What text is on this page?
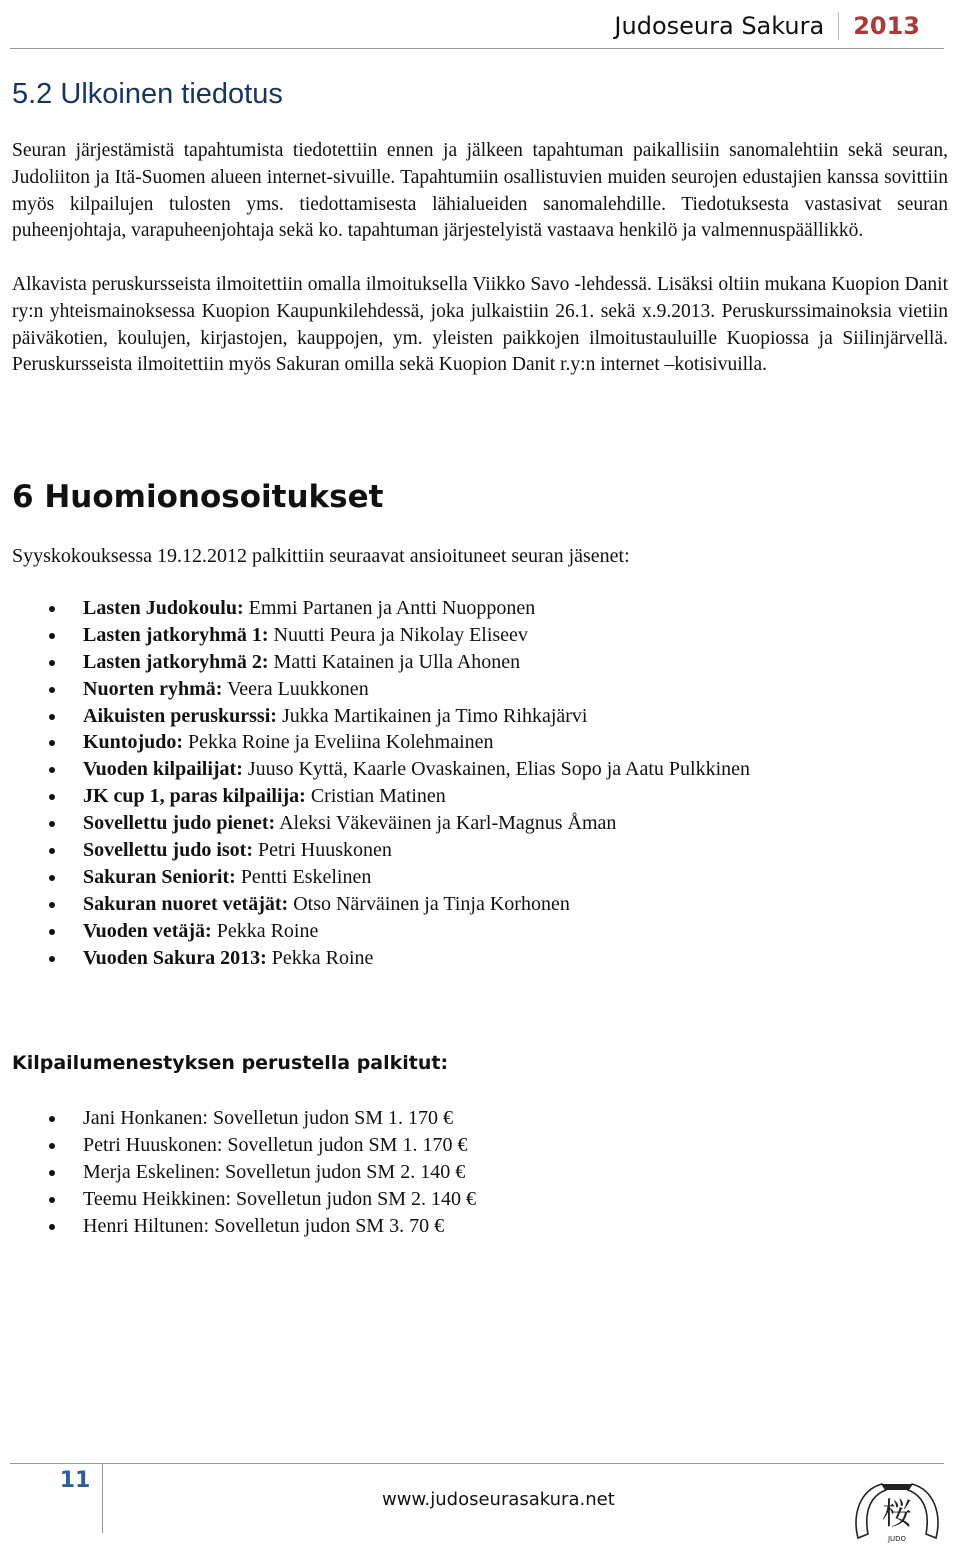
Judoseura Sakura	2013
5.2 Ulkoinen tiedotus

Seuran järjestämistä tapahtumista tiedotettiin ennen ja jälkeen tapahtuman paikallisiin sanomalehtiin sekä seuran, Judoliiton ja Itä-Suomen alueen internet-sivuille. Tapahtumiin osallistuvien muiden seurojen edustajien kanssa sovittiin myös kilpailujen tulosten yms. tiedottamisesta lähialueiden sanomalehdille. Tiedotuksesta vastasivat seuran puheenjohtaja, varapuheenjohtaja sekä ko. tapahtuman järjestelyistä vastaava henkilö ja valmennuspäällikkö.

Alkavista peruskursseista ilmoitettiin omalla ilmoituksella Viikko Savo -lehdessä. Lisäksi oltiin mukana Kuopion Danit ry:n yhteismainoksessa Kuopion Kaupunkilehdessä, joka julkaistiin 26.1. sekä x.9.2013. Peruskurssimainoksia vietiin päiväkotien, koulujen, kirjastojen, kauppojen, ym. yleisten paikkojen ilmoitustauluille Kuopiossa ja Siilinjärvellä. Peruskursseista ilmoitettiin myös Sakuran omilla sekä Kuopion Danit r.y:n internet –kotisivuilla.

6 Huomionosoitukset

Syyskokouksessa 19.12.2012 palkittiin seuraavat ansioituneet seuran jäsenet:

Lasten Judokoulu: Emmi Partanen ja Antti Nuopponen
Lasten jatkoryhmä 1: Nuutti Peura ja Nikolay Eliseev
Lasten jatkoryhmä 2: Matti Katainen ja Ulla Ahonen
Nuorten ryhmä: Veera Luukkonen
Aikuisten peruskurssi: Jukka Martikainen ja Timo Rihkajärvi
Kuntojudo: Pekka Roine ja Eveliina Kolehmainen
Vuoden kilpailijat: Juuso Kyttä, Kaarle Ovaskainen, Elias Sopo ja Aatu Pulkkinen
JK cup 1, paras kilpailija: Cristian Matinen
Sovellettu judo pienet: Aleksi Väkeväinen ja Karl-Magnus Åman
Sovellettu judo isot: Petri Huuskonen
Sakuran Seniorit: Pentti Eskelinen
Sakuran nuoret vetäjät: Otso Närväinen ja Tinja Korhonen
Vuoden vetäjä: Pekka Roine
Vuoden Sakura 2013: Pekka Roine
Kilpailumenestyksen perustella palkitut:
Jani Honkanen: Sovelletun judon SM 1. 170 €
Petri Huuskonen: Sovelletun judon SM 1. 170 €
Merja Eskelinen: Sovelletun judon SM 2. 140 €
Teemu Heikkinen: Sovelletun judon SM 2. 140 €
Henri Hiltunen: Sovelletun judon SM 3. 70 €
11
www.judoseurasakura.net	桜
JUDO
